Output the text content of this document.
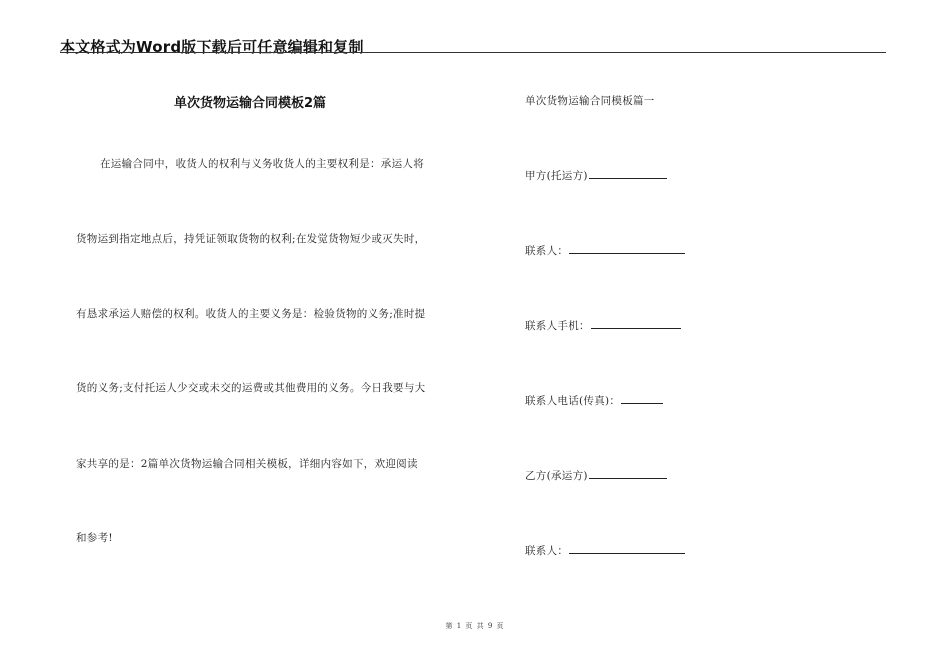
本文格式为Word版下载后可任意编辑和复制
单次货物运输合同模板2篇
在运输合同中，收货人的权利与义务收货人的主要权利是：承运人将
货物运到指定地点后，持凭证领取货物的权利;在发觉货物短少或灭失时，
有恳求承运人赔偿的权利。收货人的主要义务是：检验货物的义务;准时提
货的义务;支付托运人少交或未交的运费或其他费用的义务。今日我要与大
家共享的是：2篇单次货物运输合同相关模板，详细内容如下，欢迎阅读
和参考!
单次货物运输合同模板篇一
甲方(托运方)
联系人：
联系人手机：
联系人电话(传真)：
乙方(承运方)
联系人：
第 1 页 共 9 页
